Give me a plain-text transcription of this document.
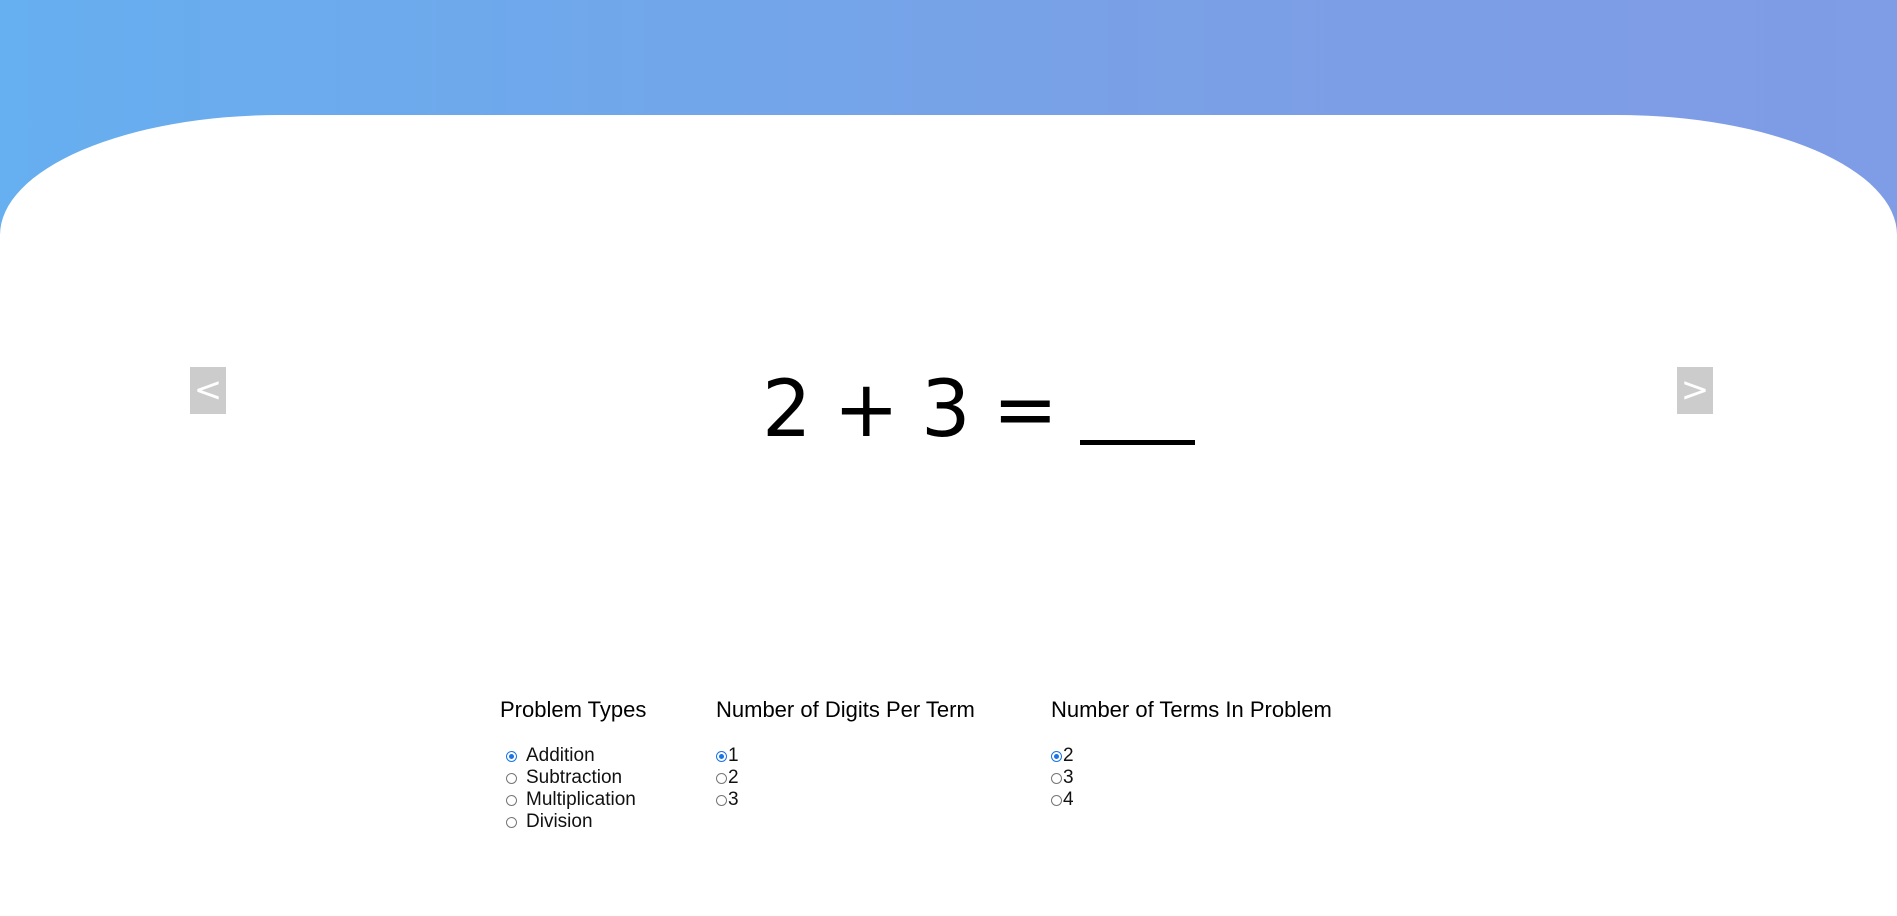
<	>
2 + 3 =
Problem Types
Addition
Subtraction
Multiplication
Division
Number of Digits Per Term
1
2
3
Number of Terms In Problem
2
3
4
